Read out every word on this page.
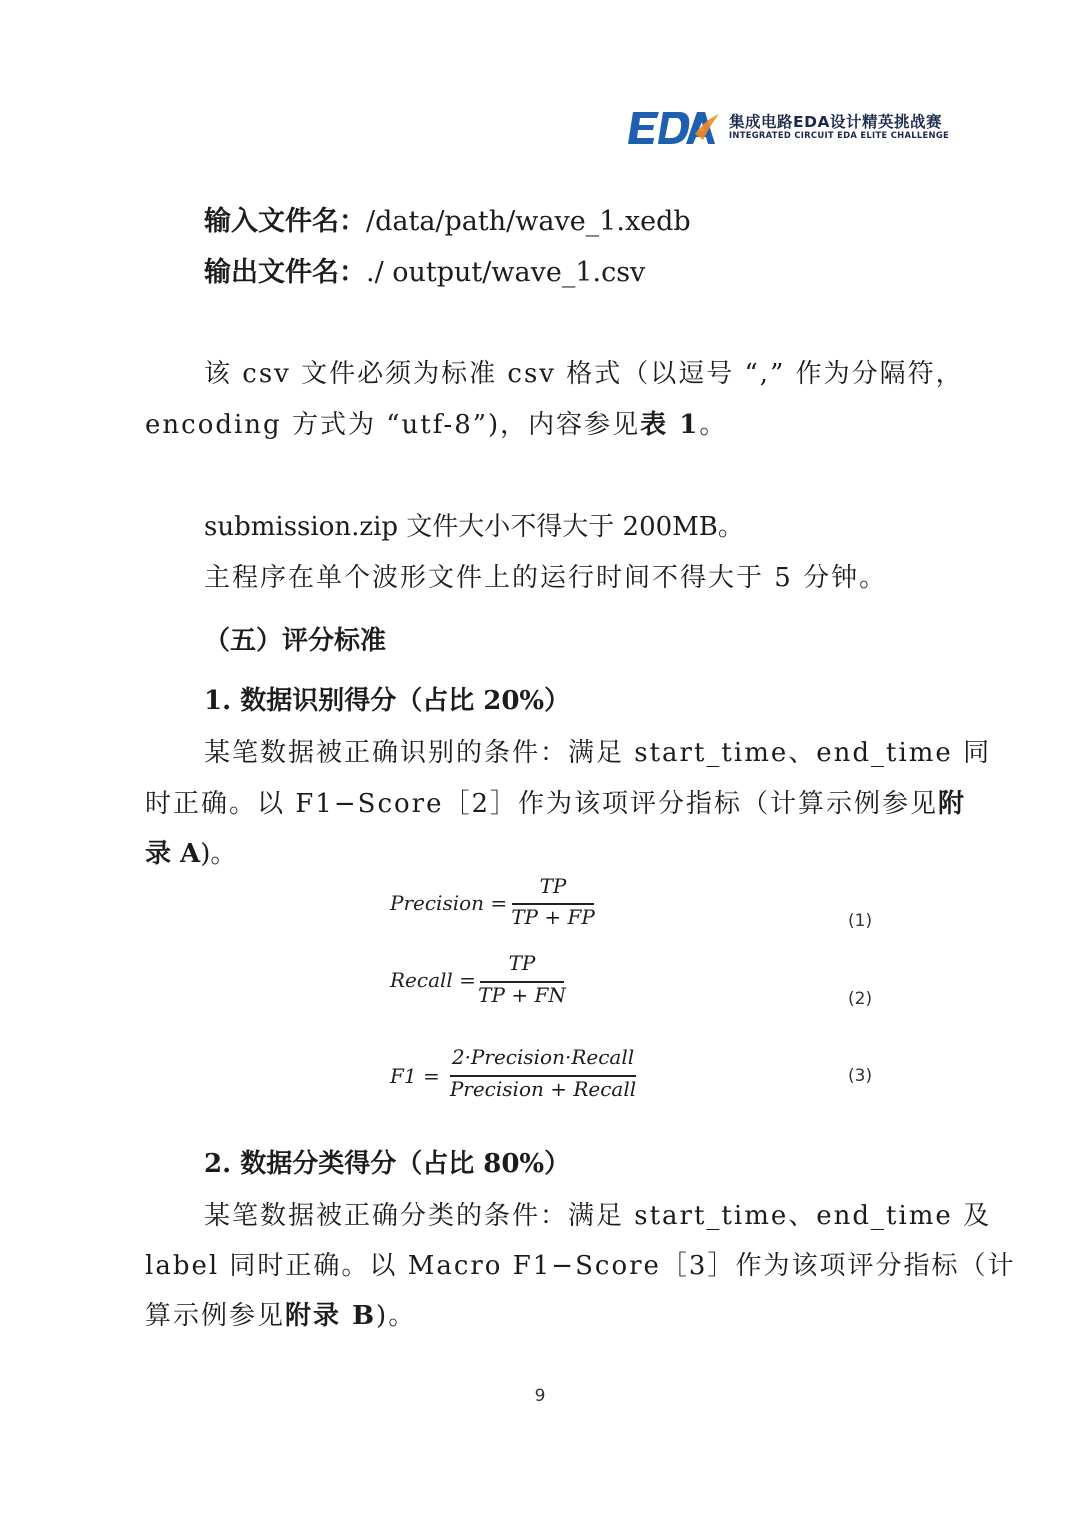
集成电路EDA设计精英挑战赛
INTEGRATED CIRCUIT EDA ELITE CHALLENGE
输入文件名：/data/path/wave_1.xedb
输出文件名：./ output/wave_1.csv
该 csv 文件必须为标准 csv 格式（以逗号 “,” 作为分隔符，
encoding 方式为 “utf-8”)，内容参见表 1。
submission.zip 文件大小不得大于 200MB。
主程序在单个波形文件上的运行时间不得大于 5 分钟。
（五）评分标准
1. 数据识别得分（占比 20%）
某笔数据被正确识别的条件：满足 start_time、end_time 同
时正确。以 F1−Score［2］作为该项评分指标（计算示例参见附
录 A)。
Precision =
TP
TP + FP	(1)
Recall =
TP
TP + FN	(2)
F1 =
2·Precision·Recall
Precision + Recall
(3)
2. 数据分类得分（占比 80%）
某笔数据被正确分类的条件：满足 start_time、end_time 及
label 同时正确。以 Macro F1−Score［3］作为该项评分指标（计
算示例参见附录 B)。
9
